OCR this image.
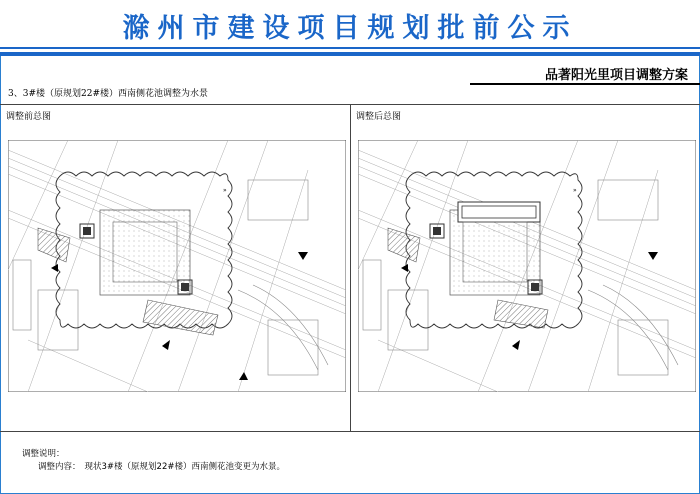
滁州市建设项目规划批前公示
品著阳光里项目调整方案
3、3#楼（原规划22#楼）西南侧花池调整为水景
调整前总图	调整后总图
»	»
调整说明：
调整内容： 现状3#楼（原规划22#楼）西南侧花池变更为水景。
